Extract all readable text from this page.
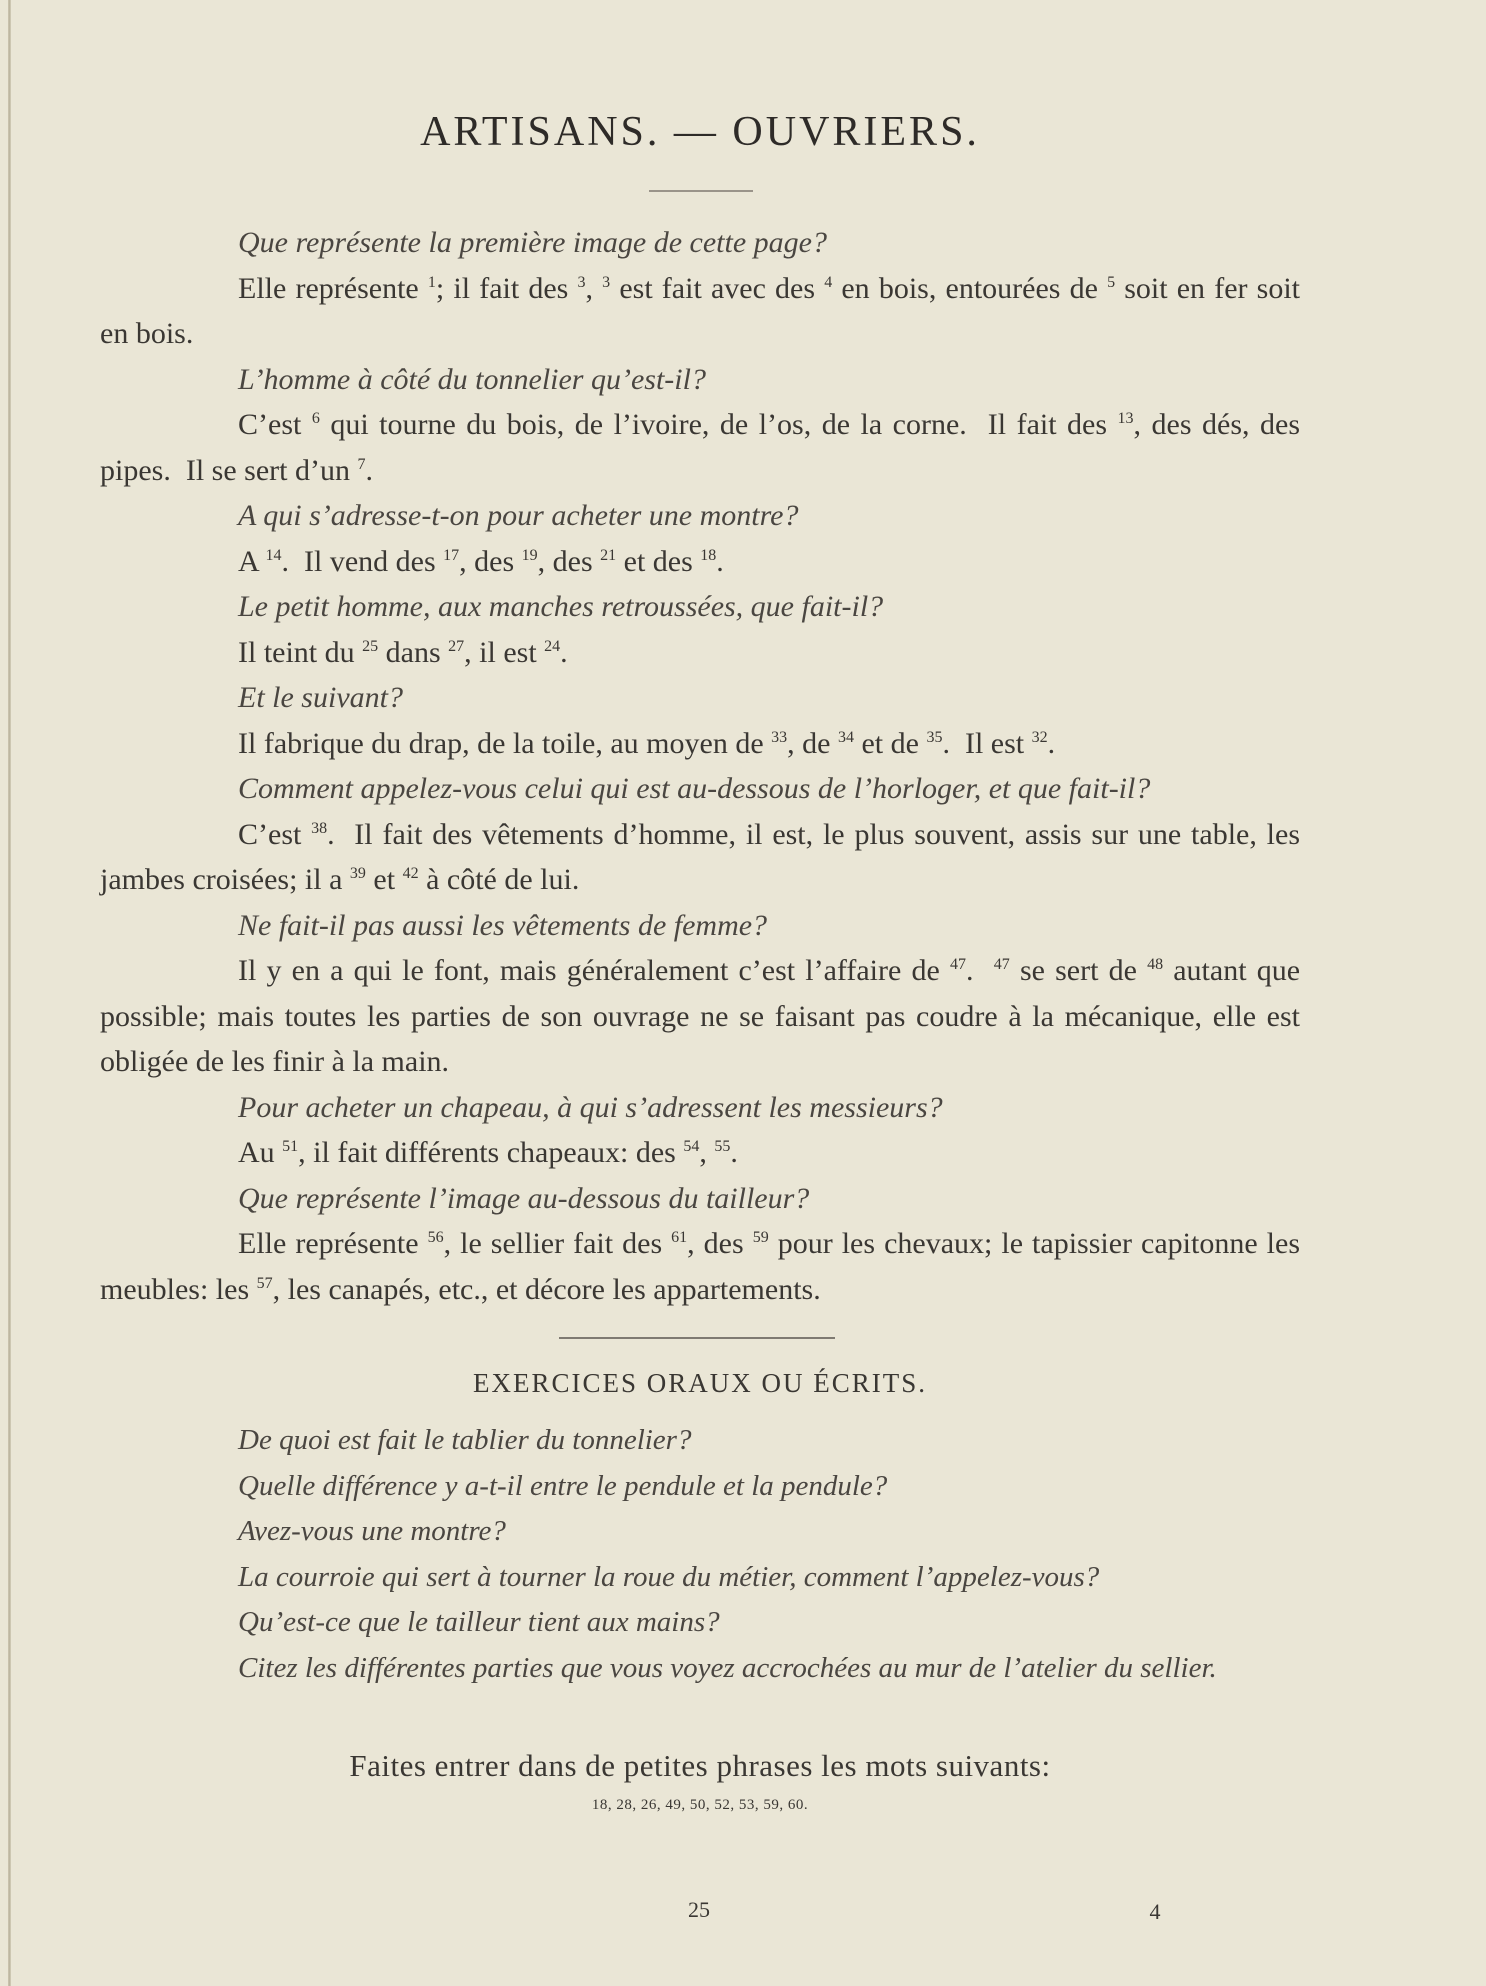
ARTISANS. — OUVRIERS.

Que représente la première image de cette page?

Elle représente $^1$; il fait des $^3$, $^3$ est fait avec des $^4$ en bois, entourées de $^5$ soit en fer soit en bois.

L’homme à côté du tonnelier qu’est-il?

C’est $^6$ qui tourne du bois, de l’ivoire, de l’os, de la corne.  Il fait des $^{13}$, des dés, des pipes.  Il se sert d’un $^7$.

A qui s’adresse-t-on pour acheter une montre?

A $^{14}$.  Il vend des $^{17}$, des $^{19}$, des $^{21}$ et des $^{18}$.

Le petit homme, aux manches retroussées, que fait-il?

Il teint du $^{25}$ dans $^{27}$, il est $^{24}$.

Et le suivant?

Il fabrique du drap, de la toile, au moyen de $^{33}$, de $^{34}$ et de $^{35}$.  Il est $^{32}$.

Comment appelez-vous celui qui est au-dessous de l’horloger, et que fait-il?

C’est $^{38}$.  Il fait des vêtements d’homme, il est, le plus souvent, assis sur une table, les jambes croisées; il a $^{39}$ et $^{42}$ à côté de lui.

Ne fait-il pas aussi les vêtements de femme?

Il y en a qui le font, mais généralement c’est l’affaire de $^{47}$.  $^{47}$ se sert de $^{48}$ autant que possible; mais toutes les parties de son ouvrage ne se faisant pas coudre à la mécanique, elle est obligée de les finir à la main.

Pour acheter un chapeau, à qui s’adressent les messieurs?

Au $^{51}$, il fait différents chapeaux: des $^{54}$, $^{55}$.

Que représente l’image au-dessous du tailleur?

Elle représente $^{56}$, le sellier fait des $^{61}$, des $^{59}$ pour les chevaux; le tapissier capitonne les meubles: les $^{57}$, les canapés, etc., et décore les appartements.

EXERCICES ORAUX OU ÉCRITS.

De quoi est fait le tablier du tonnelier?

Quelle différence y a-t-il entre le pendule et la pendule?

Avez-vous une montre?

La courroie qui sert à tourner la roue du métier, comment l’appelez-vous?

Qu’est-ce que le tailleur tient aux mains?

Citez les différentes parties que vous voyez accrochées au mur de l’atelier du sellier.

Faites entrer dans de petites phrases les mots suivants:
18, 28, 26, 49, 50, 52, 53, 59, 60.
25	4
